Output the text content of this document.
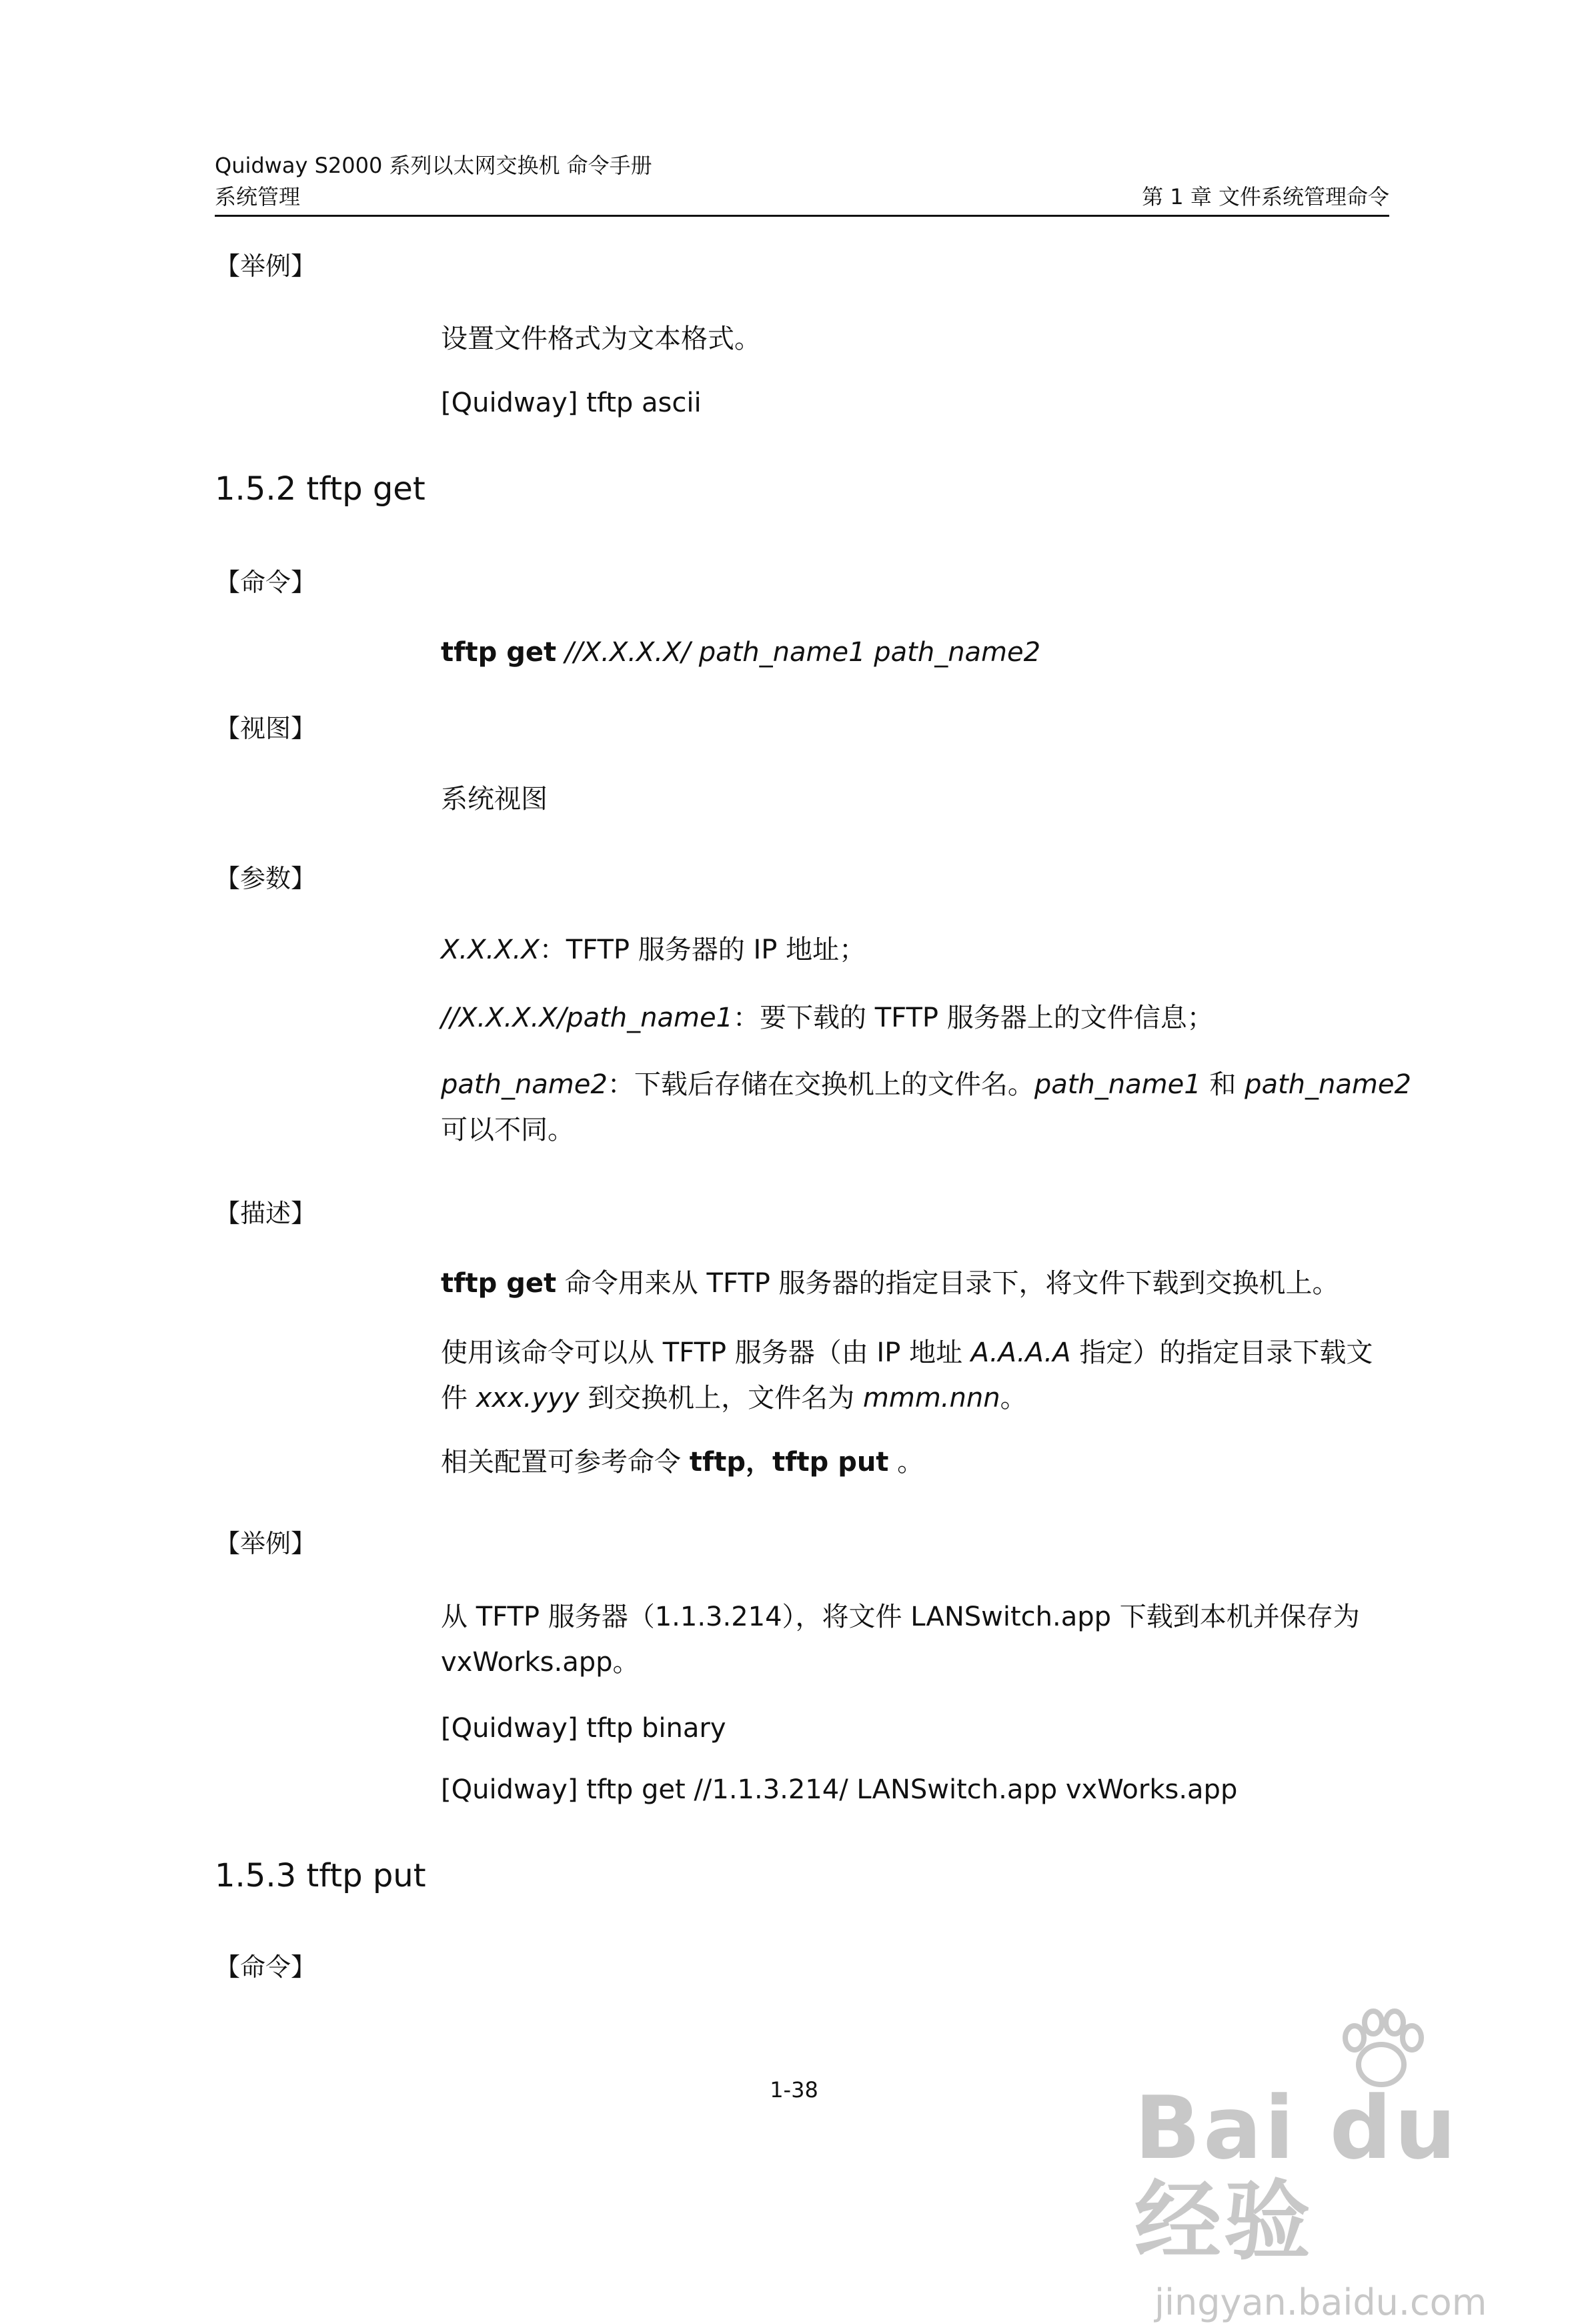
Quidway S2000 系列以太网交换机 命令手册
系统管理	第 1 章 文件系统管理命令
【举例】
设置文件格式为文本格式。
[Quidway] tftp ascii
1.5.2 tftp get
【命令】
tftp get //X.X.X.X/ path_name1 path_name2
【视图】
系统视图
【参数】
X.X.X.X：TFTP 服务器的 IP 地址；
//X.X.X.X/path_name1：要下载的 TFTP 服务器上的文件信息；
path_name2：下载后存储在交换机上的文件名。path_name1 和 path_name2
可以不同。
【描述】
tftp get 命令用来从 TFTP 服务器的指定目录下，将文件下载到交换机上。
使用该命令可以从 TFTP 服务器（由 IP 地址 A.A.A.A 指定）的指定目录下载文件 xxx.yyy 到交换机上，文件名为 mmm.nnn。
相关配置可参考命令 tftp，tftp put 。
【举例】
从 TFTP 服务器（1.1.3.214），将文件 LANSwitch.app 下载到本机并保存为 vxWorks.app。
[Quidway] tftp binary
[Quidway] tftp get //1.1.3.214/ LANSwitch.app vxWorks.app
1.5.3 tftp put
【命令】
1-38	Bai du 经验
jingyan.baidu.com
